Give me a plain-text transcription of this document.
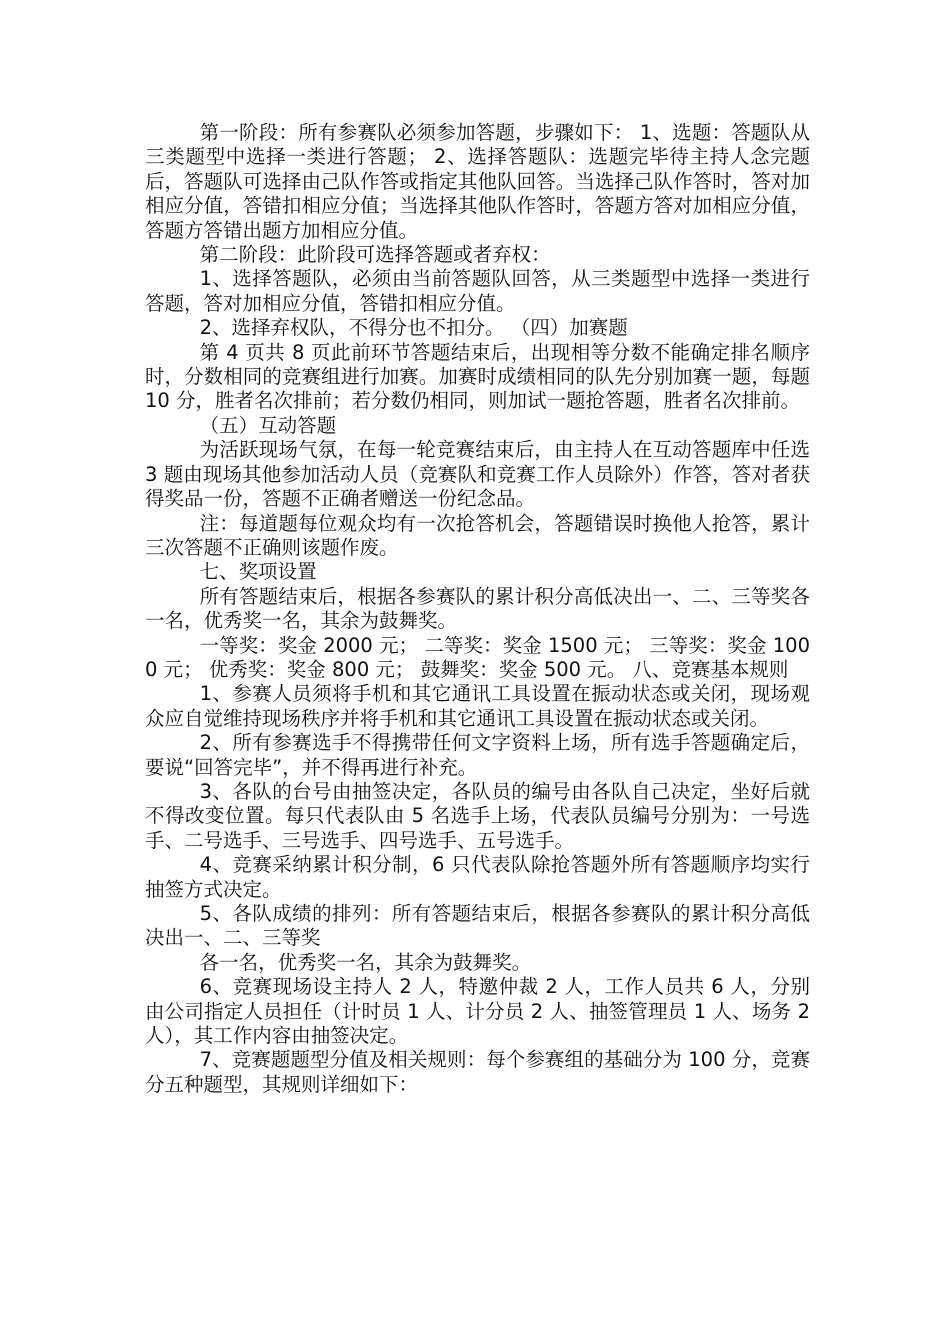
第一阶段：所有参赛队必须参加答题，步骤如下： 1、选题：答题队从三类题型中选择一类进行答题； 2、选择答题队：选题完毕待主持人念完题后，答题队可选择由己队作答或指定其他队回答。当选择己队作答时，答对加相应分值，答错扣相应分值；当选择其他队作答时，答题方答对加相应分值，答题方答错出题方加相应分值。

第二阶段：此阶段可选择答题或者弃权：

1、选择答题队，必须由当前答题队回答，从三类题型中选择一类进行答题，答对加相应分值，答错扣相应分值。

2、选择弃权队，不得分也不扣分。 （四）加赛题

第 4 页共 8 页此前环节答题结束后，出现相等分数不能确定排名顺序时，分数相同的竞赛组进行加赛。加赛时成绩相同的队先分别加赛一题，每题 10 分，胜者名次排前；若分数仍相同，则加试一题抢答题，胜者名次排前。

（五）互动答题

为活跃现场气氛，在每一轮竞赛结束后，由主持人在互动答题库中任选 3 题由现场其他参加活动人员（竞赛队和竞赛工作人员除外）作答，答对者获得奖品一份，答题不正确者赠送一份纪念品。

注：每道题每位观众均有一次抢答机会，答题错误时换他人抢答，累计三次答题不正确则该题作废。

七、奖项设置

所有答题结束后，根据各参赛队的累计积分高低决出一、二、三等奖各一名，优秀奖一名，其余为鼓舞奖。

一等奖：奖金 2000 元； 二等奖：奖金 1500 元； 三等奖：奖金 1000 元； 优秀奖：奖金 800 元； 鼓舞奖：奖金 500 元。 八、竞赛基本规则

1、参赛人员须将手机和其它通讯工具设置在振动状态或关闭，现场观众应自觉维持现场秩序并将手机和其它通讯工具设置在振动状态或关闭。

2、所有参赛选手不得携带任何文字资料上场，所有选手答题确定后，要说“回答完毕”，并不得再进行补充。

3、各队的台号由抽签决定，各队员的编号由各队自己决定，坐好后就不得改变位置。每只代表队由 5 名选手上场，代表队员编号分别为：一号选手、二号选手、三号选手、四号选手、五号选手。

4、竞赛采纳累计积分制，6 只代表队除抢答题外所有答题顺序均实行抽签方式决定。

5、各队成绩的排列：所有答题结束后，根据各参赛队的累计积分高低决出一、二、三等奖

各一名，优秀奖一名，其余为鼓舞奖。

6、竞赛现场设主持人 2 人，特邀仲裁 2 人，工作人员共 6 人，分别由公司指定人员担任（计时员 1 人、计分员 2 人、抽签管理员 1 人、场务 2 人），其工作内容由抽签决定。

7、竞赛题题型分值及相关规则：每个参赛组的基础分为 100 分，竞赛分五种题型，其规则详细如下：
